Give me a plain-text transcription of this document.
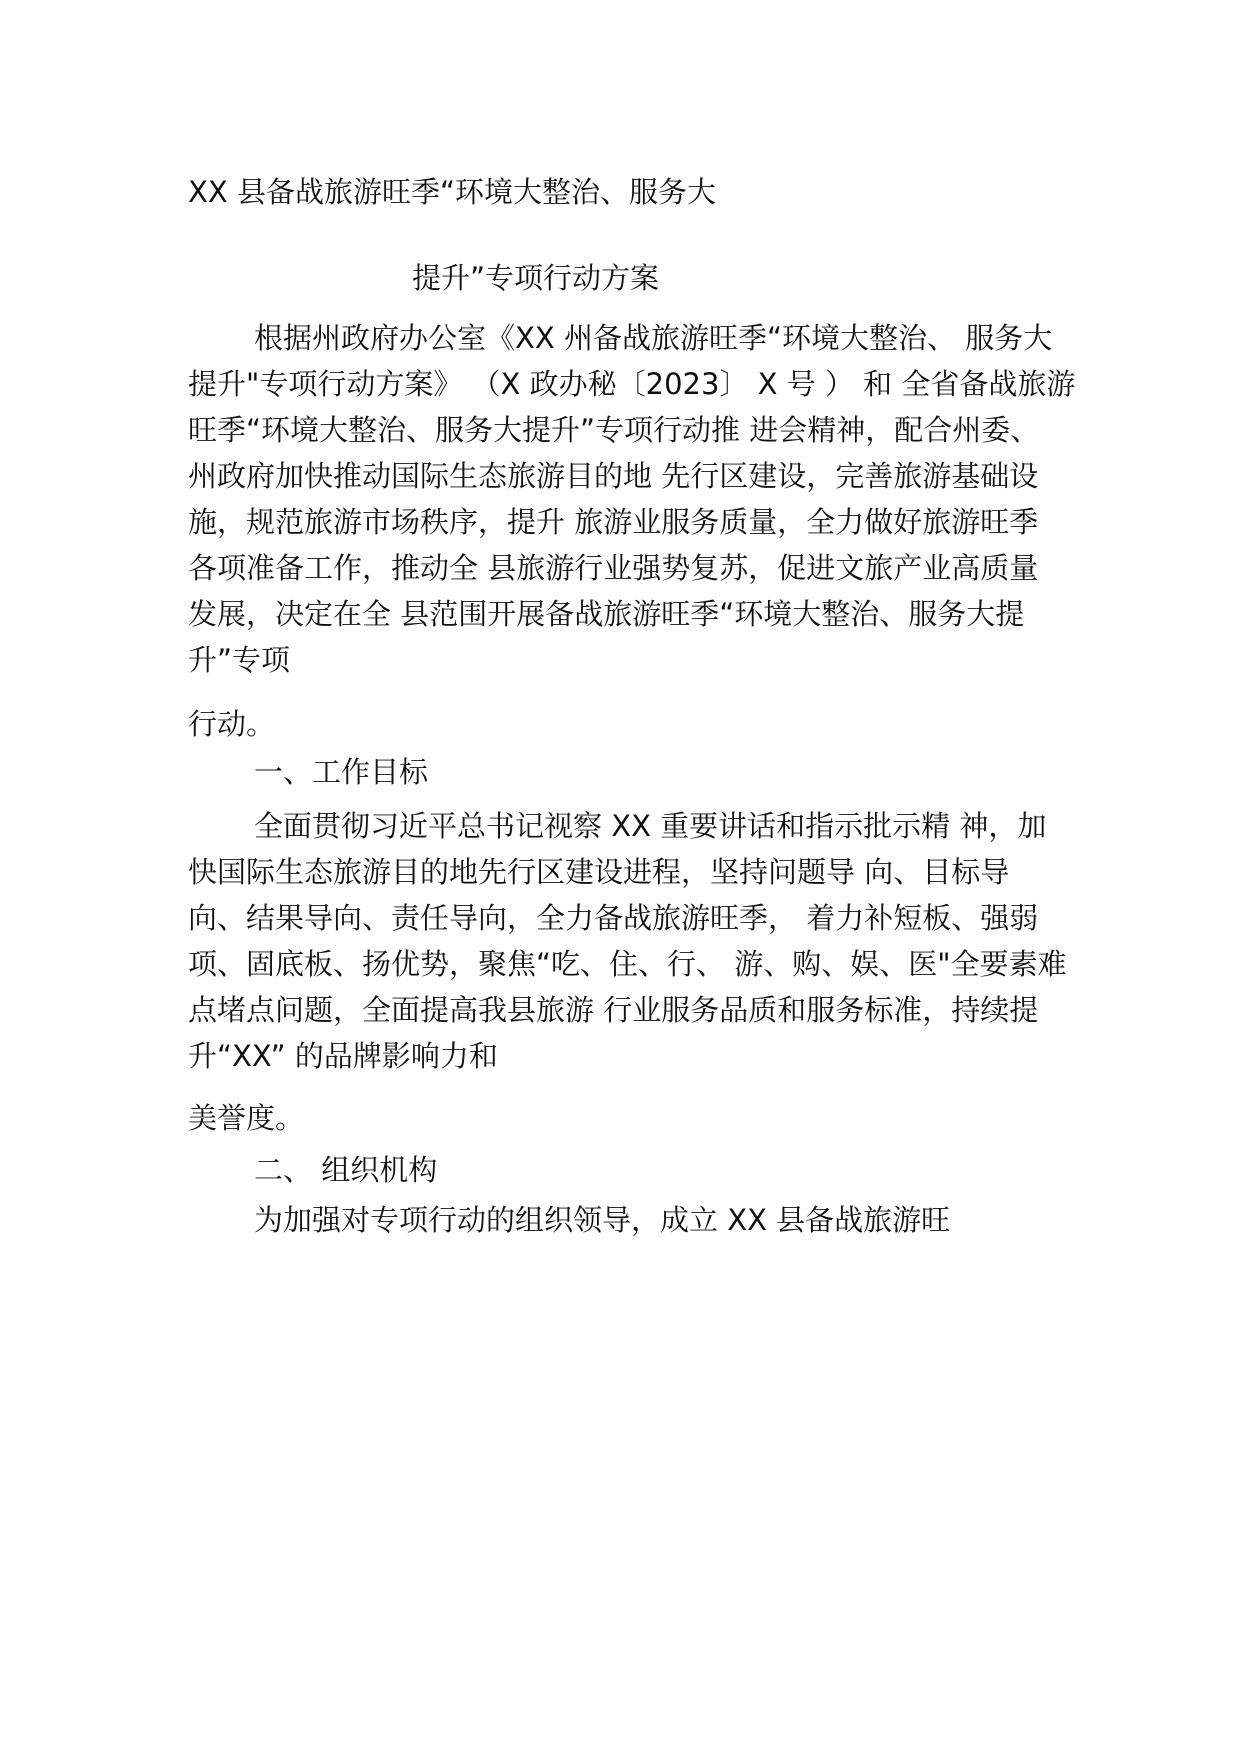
XX 县备战旅游旺季“环境大整治、服务大
提升”专项行动方案
根据州政府办公室《XX 州备战旅游旺季“环境大整治、 服务大
提升"专项行动方案》 （X 政办秘〔2023〕 X 号 ） 和 全省备战旅游
旺季“环境大整治、服务大提升”专项行动推 进会精神，配合州委、
州政府加快推动国际生态旅游目的地 先行区建设，完善旅游基础设
施，规范旅游市场秩序，提升 旅游业服务质量，全力做好旅游旺季
各项准备工作，推动全 县旅游行业强势复苏，促进文旅产业高质量
发展，决定在全 县范围开展备战旅游旺季“环境大整治、服务大提
升”专项
行动。
一、工作目标
全面贯彻习近平总书记视察 XX 重要讲话和指示批示精 神，加
快国际生态旅游目的地先行区建设进程，坚持问题导 向、目标导
向、结果导向、责任导向，全力备战旅游旺季， 着力补短板、强弱
项、固底板、扬优势，聚焦“吃、住、行、 游、购、娱、医"全要素难
点堵点问题，全面提高我县旅游 行业服务品质和服务标准，持续提
升“XX” 的品牌影响力和
美誉度。
二、 组织机构
为加强对专项行动的组织领导，成立 XX 县备战旅游旺
